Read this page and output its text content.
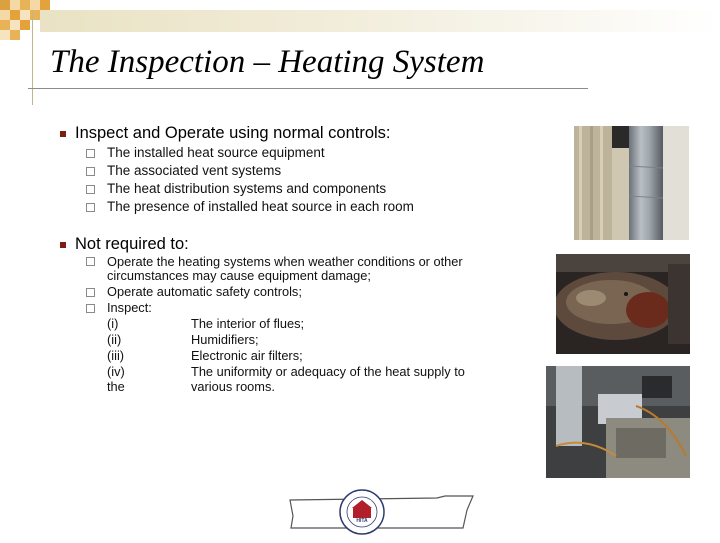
The Inspection – Heating System
Inspect and Operate using normal controls:
The installed heat source equipment
The associated vent systems
The heat distribution systems and components
The presence of installed heat source in each room
Not required to:
Operate the heating systems when weather conditions or other
circumstances may cause equipment damage;
Operate automatic safety controls;
Inspect:
(i)	The interior of flues;
(ii)	Humidifiers;
(iii)	Electronic air filters;
(iv)	The uniformity or adequacy of the heat supply to
the	various rooms.
HITA
